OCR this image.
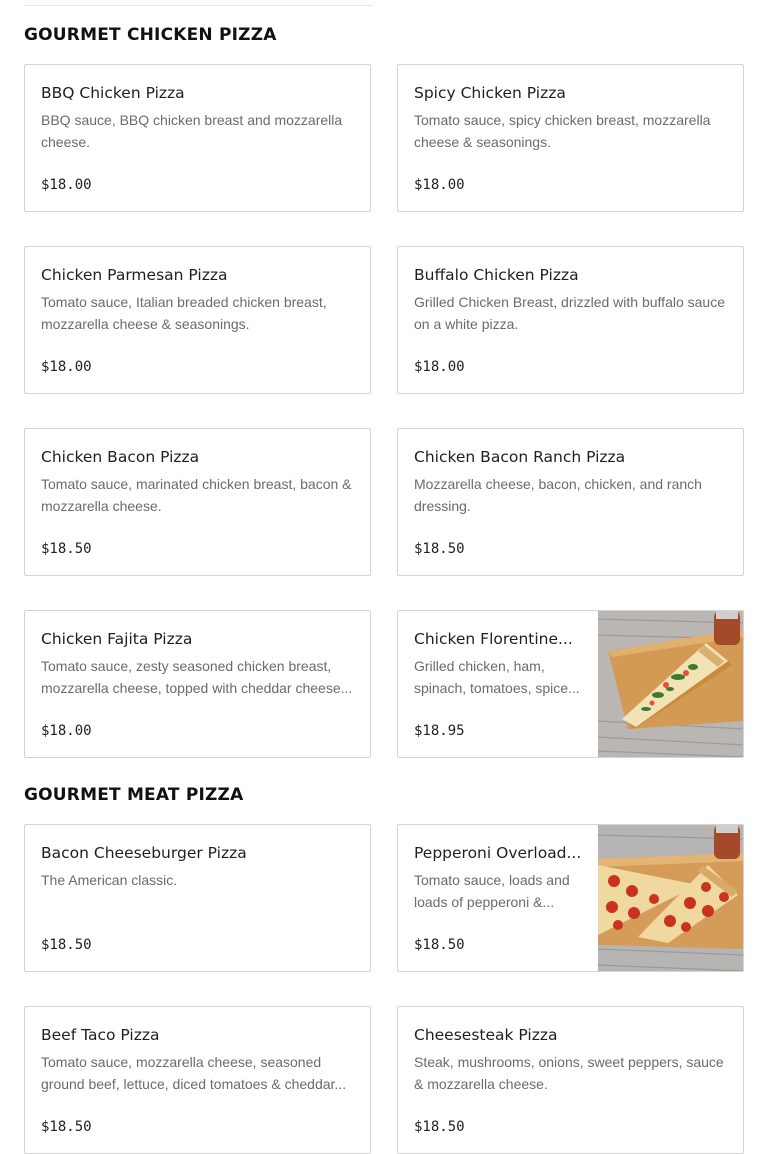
GOURMET CHICKEN PIZZA
BBQ Chicken Pizza
BBQ sauce, BBQ chicken breast and mozzarella cheese.
$18.00
Spicy Chicken Pizza
Tomato sauce, spicy chicken breast, mozzarella cheese & seasonings.
$18.00
Chicken Parmesan Pizza
Tomato sauce, Italian breaded chicken breast, mozzarella cheese & seasonings.
$18.00
Buffalo Chicken Pizza
Grilled Chicken Breast, drizzled with buffalo sauce on a white pizza.
$18.00
Chicken Bacon Pizza
Tomato sauce, marinated chicken breast, bacon & mozzarella cheese.
$18.50
Chicken Bacon Ranch Pizza
Mozzarella cheese, bacon, chicken, and ranch dressing.
$18.50
Chicken Fajita Pizza
Tomato sauce, zesty seasoned chicken breast, mozzarella cheese, topped with cheddar cheese...
$18.00
Chicken Florentine...
Grilled chicken, ham, spinach, tomatoes, spice...
$18.95
GOURMET MEAT PIZZA
Bacon Cheeseburger Pizza
The American classic.
$18.50
Pepperoni Overload...
Tomato sauce, loads and loads of pepperoni &...
$18.50
Beef Taco Pizza
Tomato sauce, mozzarella cheese, seasoned ground beef, lettuce, diced tomatoes & cheddar...
$18.50
Cheesesteak Pizza
Steak, mushrooms, onions, sweet peppers, sauce & mozzarella cheese.
$18.50
